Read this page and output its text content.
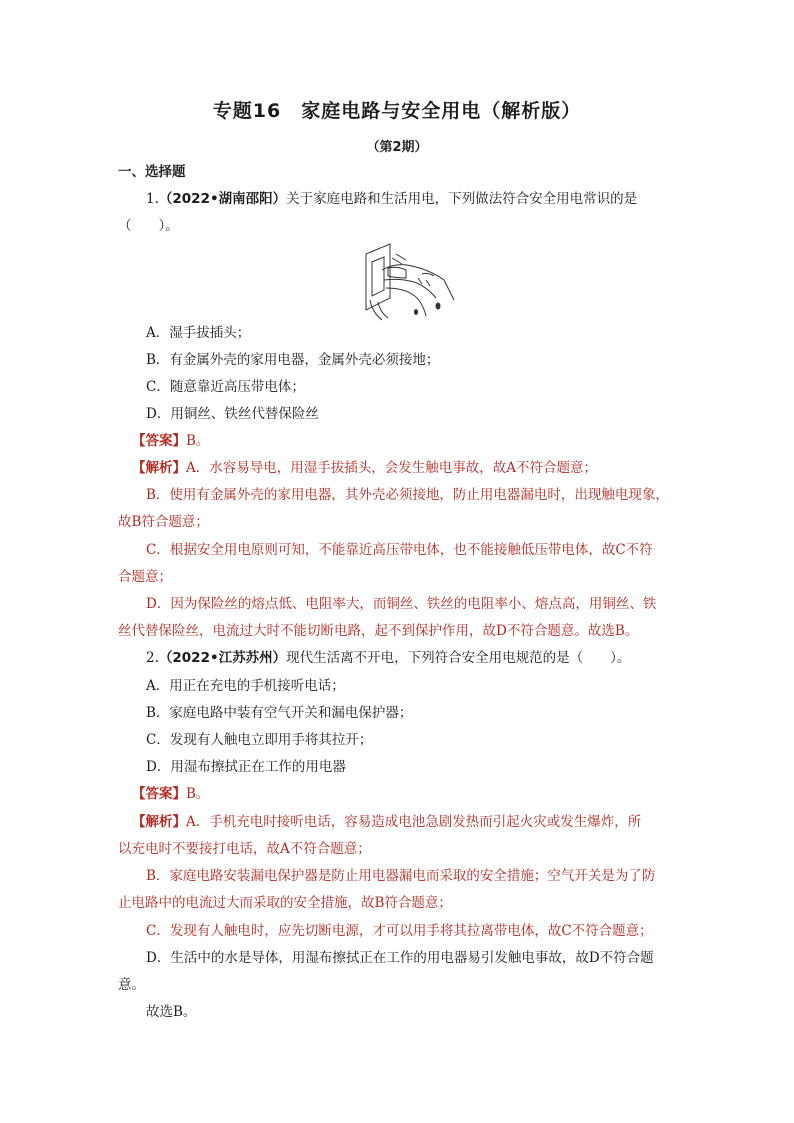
专题16　家庭电路与安全用电（解析版）
（第2期）
一、选择题
1.（2022•湖南邵阳）关于家庭电路和生活用电，下列做法符合安全用电常识的是
（　　）。
A．湿手拔插头；
B．有金属外壳的家用电器，金属外壳必须接地；
C．随意靠近高压带电体；
D．用铜丝、铁丝代替保险丝
【答案】B。
【解析】A．水容易导电，用湿手拔插头，会发生触电事故，故A不符合题意；
B．使用有金属外壳的家用电器，其外壳必须接地，防止用电器漏电时，出现触电现象，
故B符合题意；
C．根据安全用电原则可知，不能靠近高压带电体，也不能接触低压带电体，故C不符
合题意；
D．因为保险丝的熔点低、电阻率大，而铜丝、铁丝的电阻率小、熔点高，用铜丝、铁
丝代替保险丝，电流过大时不能切断电路，起不到保护作用，故D不符合题意。故选B。
2.（2022•江苏苏州）现代生活离不开电，下列符合安全用电规范的是（　　）。
A．用正在充电的手机接听电话；
B．家庭电路中装有空气开关和漏电保护器；
C．发现有人触电立即用手将其拉开；
D．用湿布擦拭正在工作的用电器
【答案】B。
【解析】A．手机充电时接听电话，容易造成电池急剧发热而引起火灾或发生爆炸，所
以充电时不要接打电话，故A不符合题意；
B．家庭电路安装漏电保护器是防止用电器漏电而采取的安全措施；空气开关是为了防
止电路中的电流过大而采取的安全措施，故B符合题意；
C．发现有人触电时，应先切断电源，才可以用手将其拉离带电体，故C不符合题意；
D．生活中的水是导体，用湿布擦拭正在工作的用电器易引发触电事故，故D不符合题
意。
故选B。
